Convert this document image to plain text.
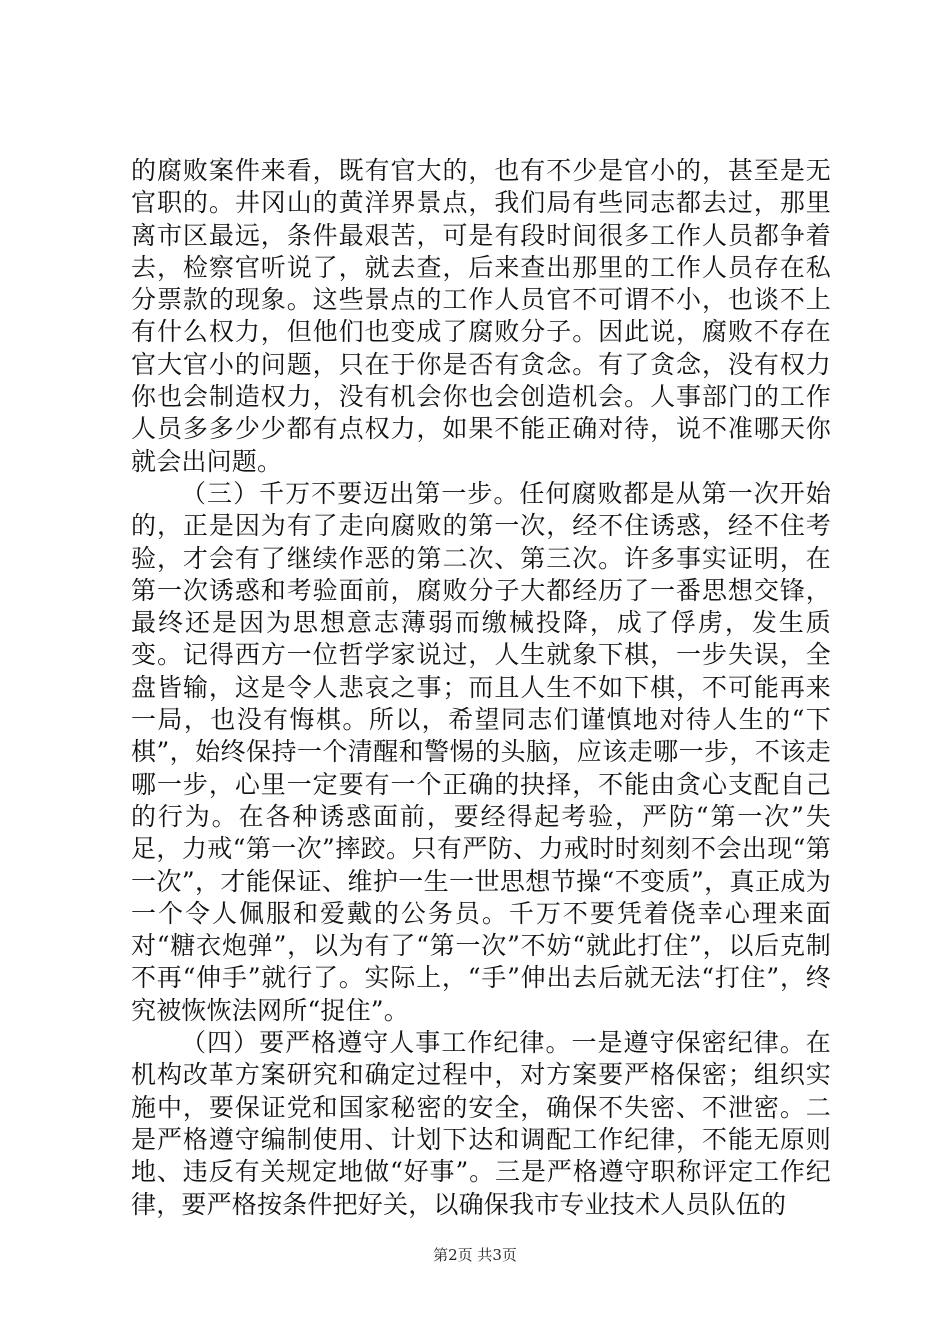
的腐败案件来看，既有官大的，也有不少是官小的，甚至是无官职的。井冈山的黄洋界景点，我们局有些同志都去过，那里离市区最远，条件最艰苦，可是有段时间很多工作人员都争着去，检察官听说了，就去查，后来查出那里的工作人员存在私分票款的现象。这些景点的工作人员官不可谓不小，也谈不上有什么权力，但他们也变成了腐败分子。因此说，腐败不存在官大官小的问题，只在于你是否有贪念。有了贪念，没有权力你也会制造权力，没有机会你也会创造机会。人事部门的工作人员多多少少都有点权力，如果不能正确对待，说不准哪天你就会出问题。

（三）千万不要迈出第一步。任何腐败都是从第一次开始的，正是因为有了走向腐败的第一次，经不住诱惑，经不住考验，才会有了继续作恶的第二次、第三次。许多事实证明，在第一次诱惑和考验面前，腐败分子大都经历了一番思想交锋，最终还是因为思想意志薄弱而缴械投降，成了俘虏，发生质变。记得西方一位哲学家说过，人生就象下棋，一步失误，全盘皆输，这是令人悲哀之事；而且人生不如下棋，不可能再来一局，也没有悔棋。所以，希望同志们谨慎地对待人生的“下棋”，始终保持一个清醒和警惕的头脑，应该走哪一步，不该走哪一步，心里一定要有一个正确的抉择，不能由贪心支配自己的行为。在各种诱惑面前，要经得起考验，严防“第一次”失足，力戒“第一次”摔跤。只有严防、力戒时时刻刻不会出现“第一次”，才能保证、维护一生一世思想节操“不变质”，真正成为一个令人佩服和爱戴的公务员。千万不要凭着侥幸心理来面对“糖衣炮弹”，以为有了“第一次”不妨“就此打住”，以后克制不再“伸手”就行了。实际上，“手”伸出去后就无法“打住”，终究被恢恢法网所“捉住”。

（四）要严格遵守人事工作纪律。一是遵守保密纪律。在机构改革方案研究和确定过程中，对方案要严格保密；组织实施中，要保证党和国家秘密的安全，确保不失密、不泄密。二是严格遵守编制使用、计划下达和调配工作纪律，不能无原则地、违反有关规定地做“好事”。三是严格遵守职称评定工作纪律，要严格按条件把好关，以确保我市专业技术人员队伍的

第2页 共3页
